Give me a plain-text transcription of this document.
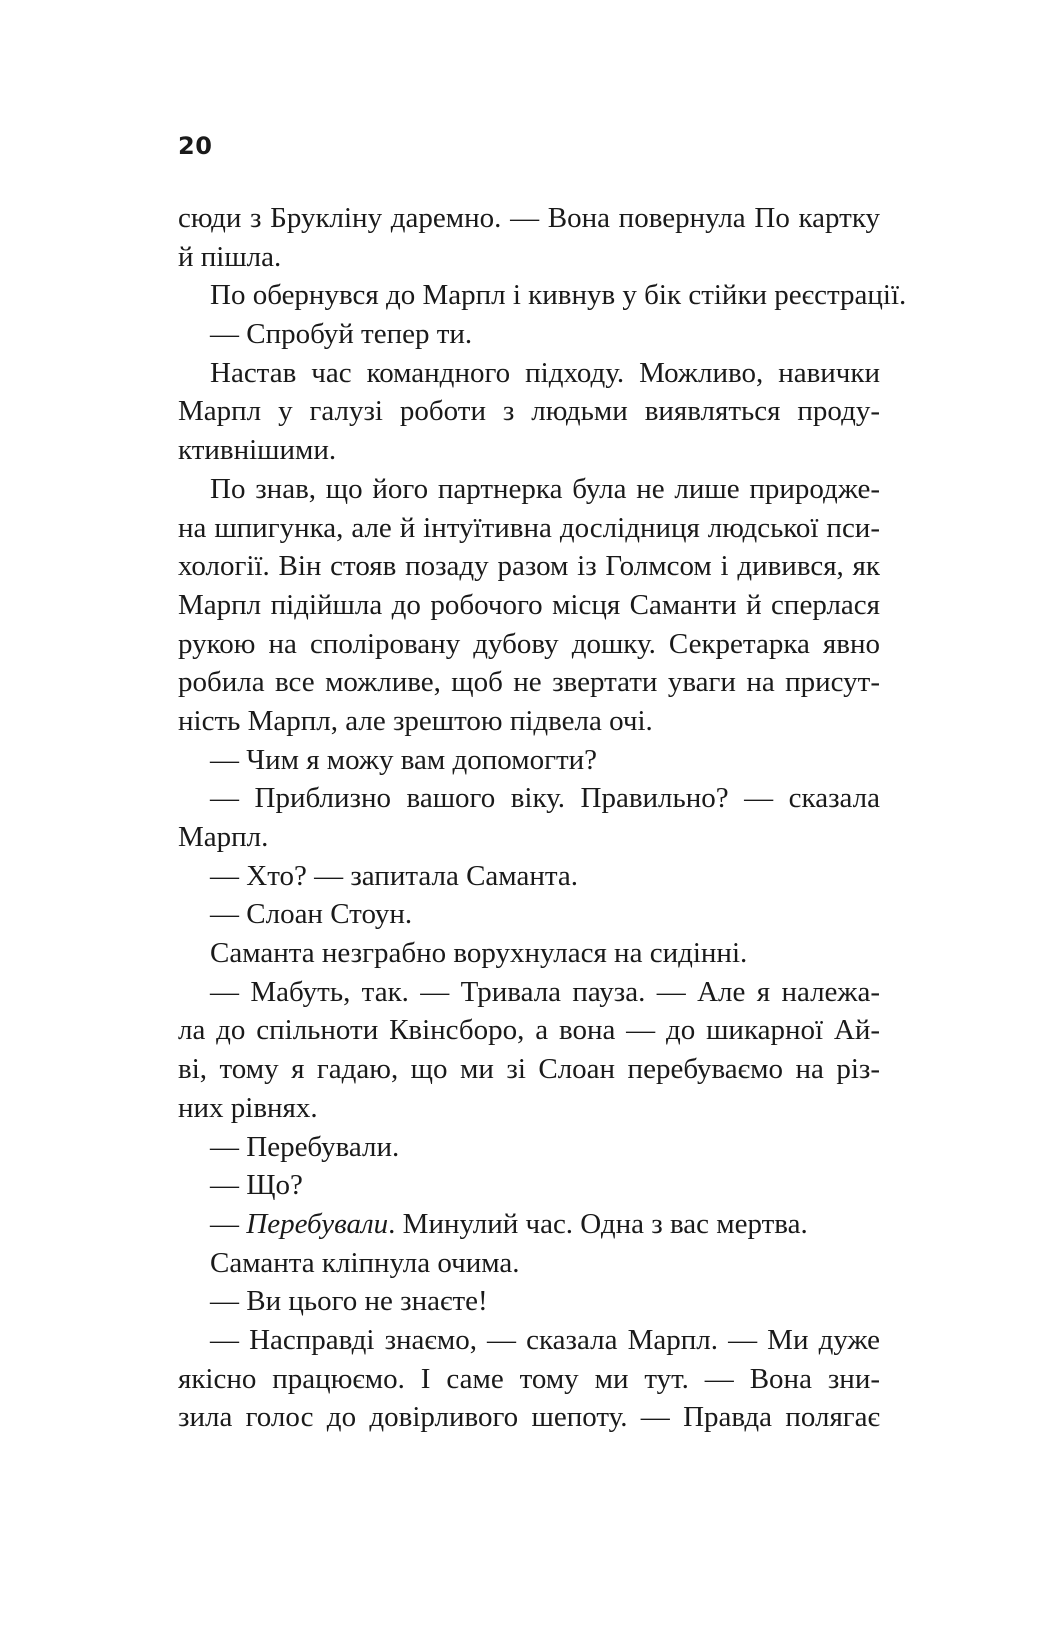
20
сюди з Брукліну даремно. — Вона повернула По картку
й пішла.
По обернувся до Марпл і кивнув у бік стійки реєстрації.
— Спробуй тепер ти.
Настав час командного підходу. Можливо, навички
Марпл у галузі роботи з людьми виявляться проду-
ктивнішими.
По знав, що його партнерка була не лише природже-
на шпигунка, але й інтуїтивна дослідниця людської пси-
хології. Він стояв позаду разом із Голмсом і дивився, як
Марпл підійшла до робочого місця Саманти й сперлася
рукою на споліровану дубову дошку. Секретарка явно
робила все можливе, щоб не звертати уваги на присут-
ність Марпл, але зрештою підвела очі.
— Чим я можу вам допомогти?
— Приблизно вашого віку. Правильно? — сказала
Марпл.
— Хто? — запитала Саманта.
— Слоан Стоун.
Саманта незграбно ворухнулася на сидінні.
— Мабуть, так. — Тривала пауза. — Але я належа-
ла до спільноти Квінсборо, а вона — до шикарної Ай-
ві, тому я гадаю, що ми зі Слоан перебуваємо на різ-
них рівнях.
— Перебували.
— Що?
— Перебували. Минулий час. Одна з вас мертва.
Саманта кліпнула очима.
— Ви цього не знаєте!
— Насправді знаємо, — сказала Марпл. — Ми дуже
якісно працюємо. І саме тому ми тут. — Вона зни-
зила голос до довірливого шепоту. — Правда полягає
